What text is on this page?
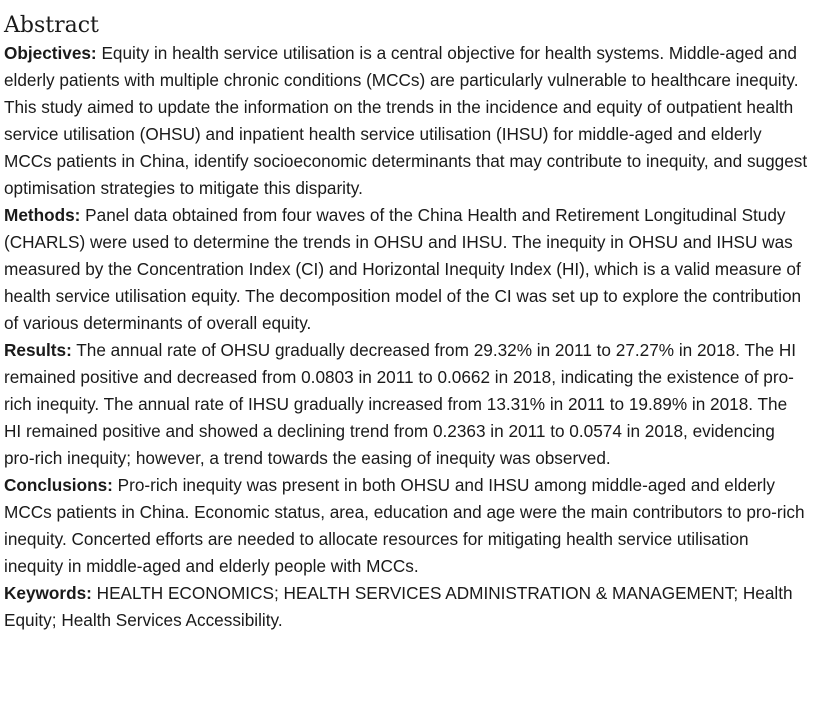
Abstract

Objectives: Equity in health service utilisation is a central objective for health systems. Middle-aged and elderly patients with multiple chronic conditions (MCCs) are particularly vulnerable to healthcare inequity. This study aimed to update the information on the trends in the incidence and equity of outpatient health service utilisation (OHSU) and inpatient health service utilisation (IHSU) for middle-aged and elderly MCCs patients in China, identify socioeconomic determinants that may contribute to inequity, and suggest optimisation strategies to mitigate this disparity.

Methods: Panel data obtained from four waves of the China Health and Retirement Longitudinal Study (CHARLS) were used to determine the trends in OHSU and IHSU. The inequity in OHSU and IHSU was measured by the Concentration Index (CI) and Horizontal Inequity Index (HI), which is a valid measure of health service utilisation equity. The decomposition model of the CI was set up to explore the contribution of various determinants of overall equity.

Results: The annual rate of OHSU gradually decreased from 29.32% in 2011 to 27.27% in 2018. The HI remained positive and decreased from 0.0803 in 2011 to 0.0662 in 2018, indicating the existence of pro-rich inequity. The annual rate of IHSU gradually increased from 13.31% in 2011 to 19.89% in 2018. The HI remained positive and showed a declining trend from 0.2363 in 2011 to 0.0574 in 2018, evidencing pro-rich inequity; however, a trend towards the easing of inequity was observed.

Conclusions: Pro-rich inequity was present in both OHSU and IHSU among middle-aged and elderly MCCs patients in China. Economic status, area, education and age were the main contributors to pro-rich inequity. Concerted efforts are needed to allocate resources for mitigating health service utilisation inequity in middle-aged and elderly people with MCCs.

Keywords: HEALTH ECONOMICS; HEALTH SERVICES ADMINISTRATION & MANAGEMENT; Health Equity; Health Services Accessibility.
